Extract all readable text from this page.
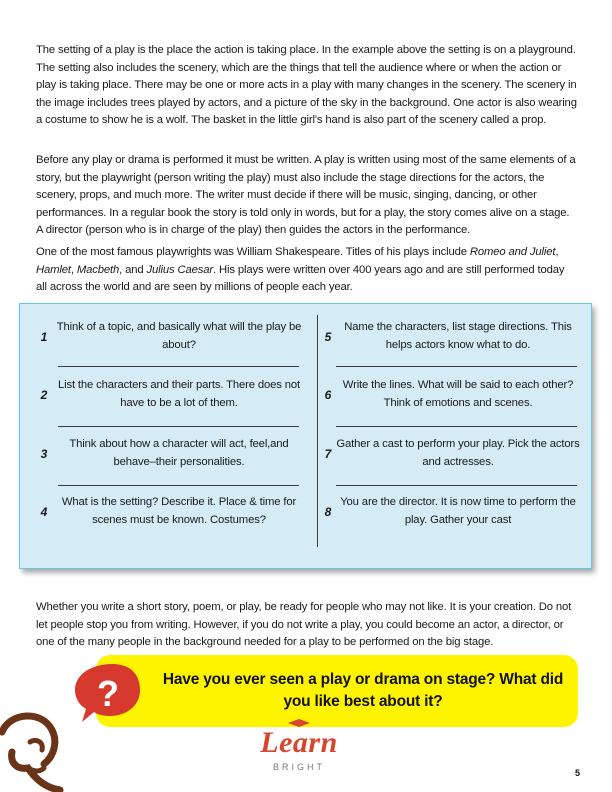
The setting of a play is the place the action is taking place. In the example above the setting is on a playground. The setting also includes the scenery, which are the things that tell the audience where or when the action or play is taking place. There may be one or more acts in a play with many changes in the scenery. The scenery in the image includes trees played by actors, and a picture of the sky in the background. One actor is also wearing a costume to show he is a wolf. The basket in the little girl's hand is also part of the scenery called a prop.

Before any play or drama is performed it must be written. A play is written using most of the same elements of a story, but the playwright (person writing the play) must also include the stage directions for the actors, the scenery, props, and much more. The writer must decide if there will be music, singing, dancing, or other performances. In a regular book the story is told only in words, but for a play, the story comes alive on a stage. A director (person who is in charge of the play) then guides the actors in the performance.

One of the most famous playwrights was William Shakespeare. Titles of his plays include Romeo and Juliet, Hamlet, Macbeth, and Julius Caesar. His plays were written over 400 years ago and are still performed today all across the world and are seen by millions of people each year.

1
Think of a topic, and basically what will the play be about?
2
List the characters and their parts. There does not have to be a lot of them.
3
Think about how a character will act, feel,and behave–their personalities.
4
What is the setting? Describe it. Place & time for scenes must be known. Costumes?
5
Name the characters, list stage directions. This helps actors know what to do.
6
Write the lines. What will be said to each other? Think of emotions and scenes.
7
Gather a cast to perform your play. Pick the actors and actresses.
8
You are the director. It is now time to perform the play. Gather your cast

Whether you write a short story, poem, or play, be ready for people who may not like. It is your creation. Do not let people stop you from writing. However, if you do not write a play, you could become an actor, a director, or one of the many people in the background needed for a play to be performed on the big stage.

Have you ever seen a play or drama on stage? What did you like best about it?
?
Learn
BRIGHT
5
